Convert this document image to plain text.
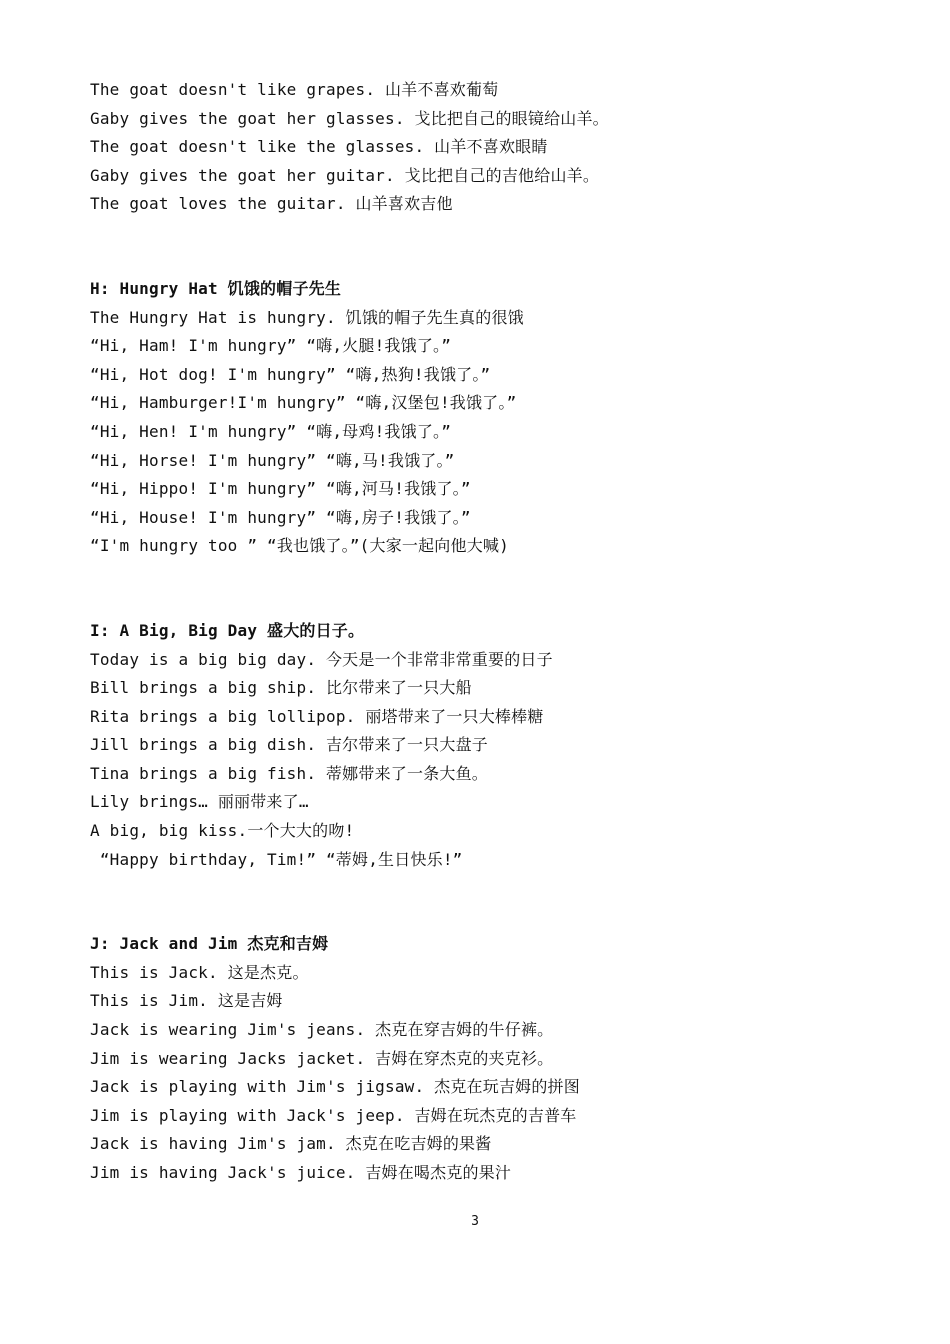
The goat doesn't like grapes. 山羊不喜欢葡萄
Gaby gives the goat her glasses. 戈比把自己的眼镜给山羊。
The goat doesn't like the glasses. 山羊不喜欢眼睛
Gaby gives the goat her guitar. 戈比把自己的吉他给山羊。
The goat loves the guitar. 山羊喜欢吉他
H: Hungry Hat 饥饿的帽子先生
The Hungry Hat is hungry. 饥饿的帽子先生真的很饿
“Hi, Ham! I'm hungry” “嗨,火腿!我饿了。”
“Hi, Hot dog! I'm hungry” “嗨,热狗!我饿了。”
“Hi, Hamburger!I'm hungry” “嗨,汉堡包!我饿了。”
“Hi, Hen! I'm hungry” “嗨,母鸡!我饿了。”
“Hi, Horse! I'm hungry” “嗨,马!我饿了。”
“Hi, Hippo! I'm hungry” “嗨,河马!我饿了。”
“Hi, House! I'm hungry” “嗨,房子!我饿了。”
“I'm hungry too ” “我也饿了。”(大家一起向他大喊)
I: A Big, Big Day 盛大的日子。
Today is a big big day. 今天是一个非常非常重要的日子
Bill brings a big ship. 比尔带来了一只大船
Rita brings a big lollipop. 丽塔带来了一只大棒棒糖
Jill brings a big dish. 吉尔带来了一只大盘子
Tina brings a big fish. 蒂娜带来了一条大鱼。
Lily brings… 丽丽带来了…
A big, big kiss.一个大大的吻!
“Happy birthday, Tim!” “蒂姆,生日快乐!”
J: Jack and Jim 杰克和吉姆
This is Jack. 这是杰克。
This is Jim. 这是吉姆
Jack is wearing Jim's jeans. 杰克在穿吉姆的牛仔裤。
Jim is wearing Jacks jacket. 吉姆在穿杰克的夹克衫。
Jack is playing with Jim's jigsaw. 杰克在玩吉姆的拼图
Jim is playing with Jack's jeep. 吉姆在玩杰克的吉普车
Jack is having Jim's jam. 杰克在吃吉姆的果酱
Jim is having Jack's juice. 吉姆在喝杰克的果汁
3
